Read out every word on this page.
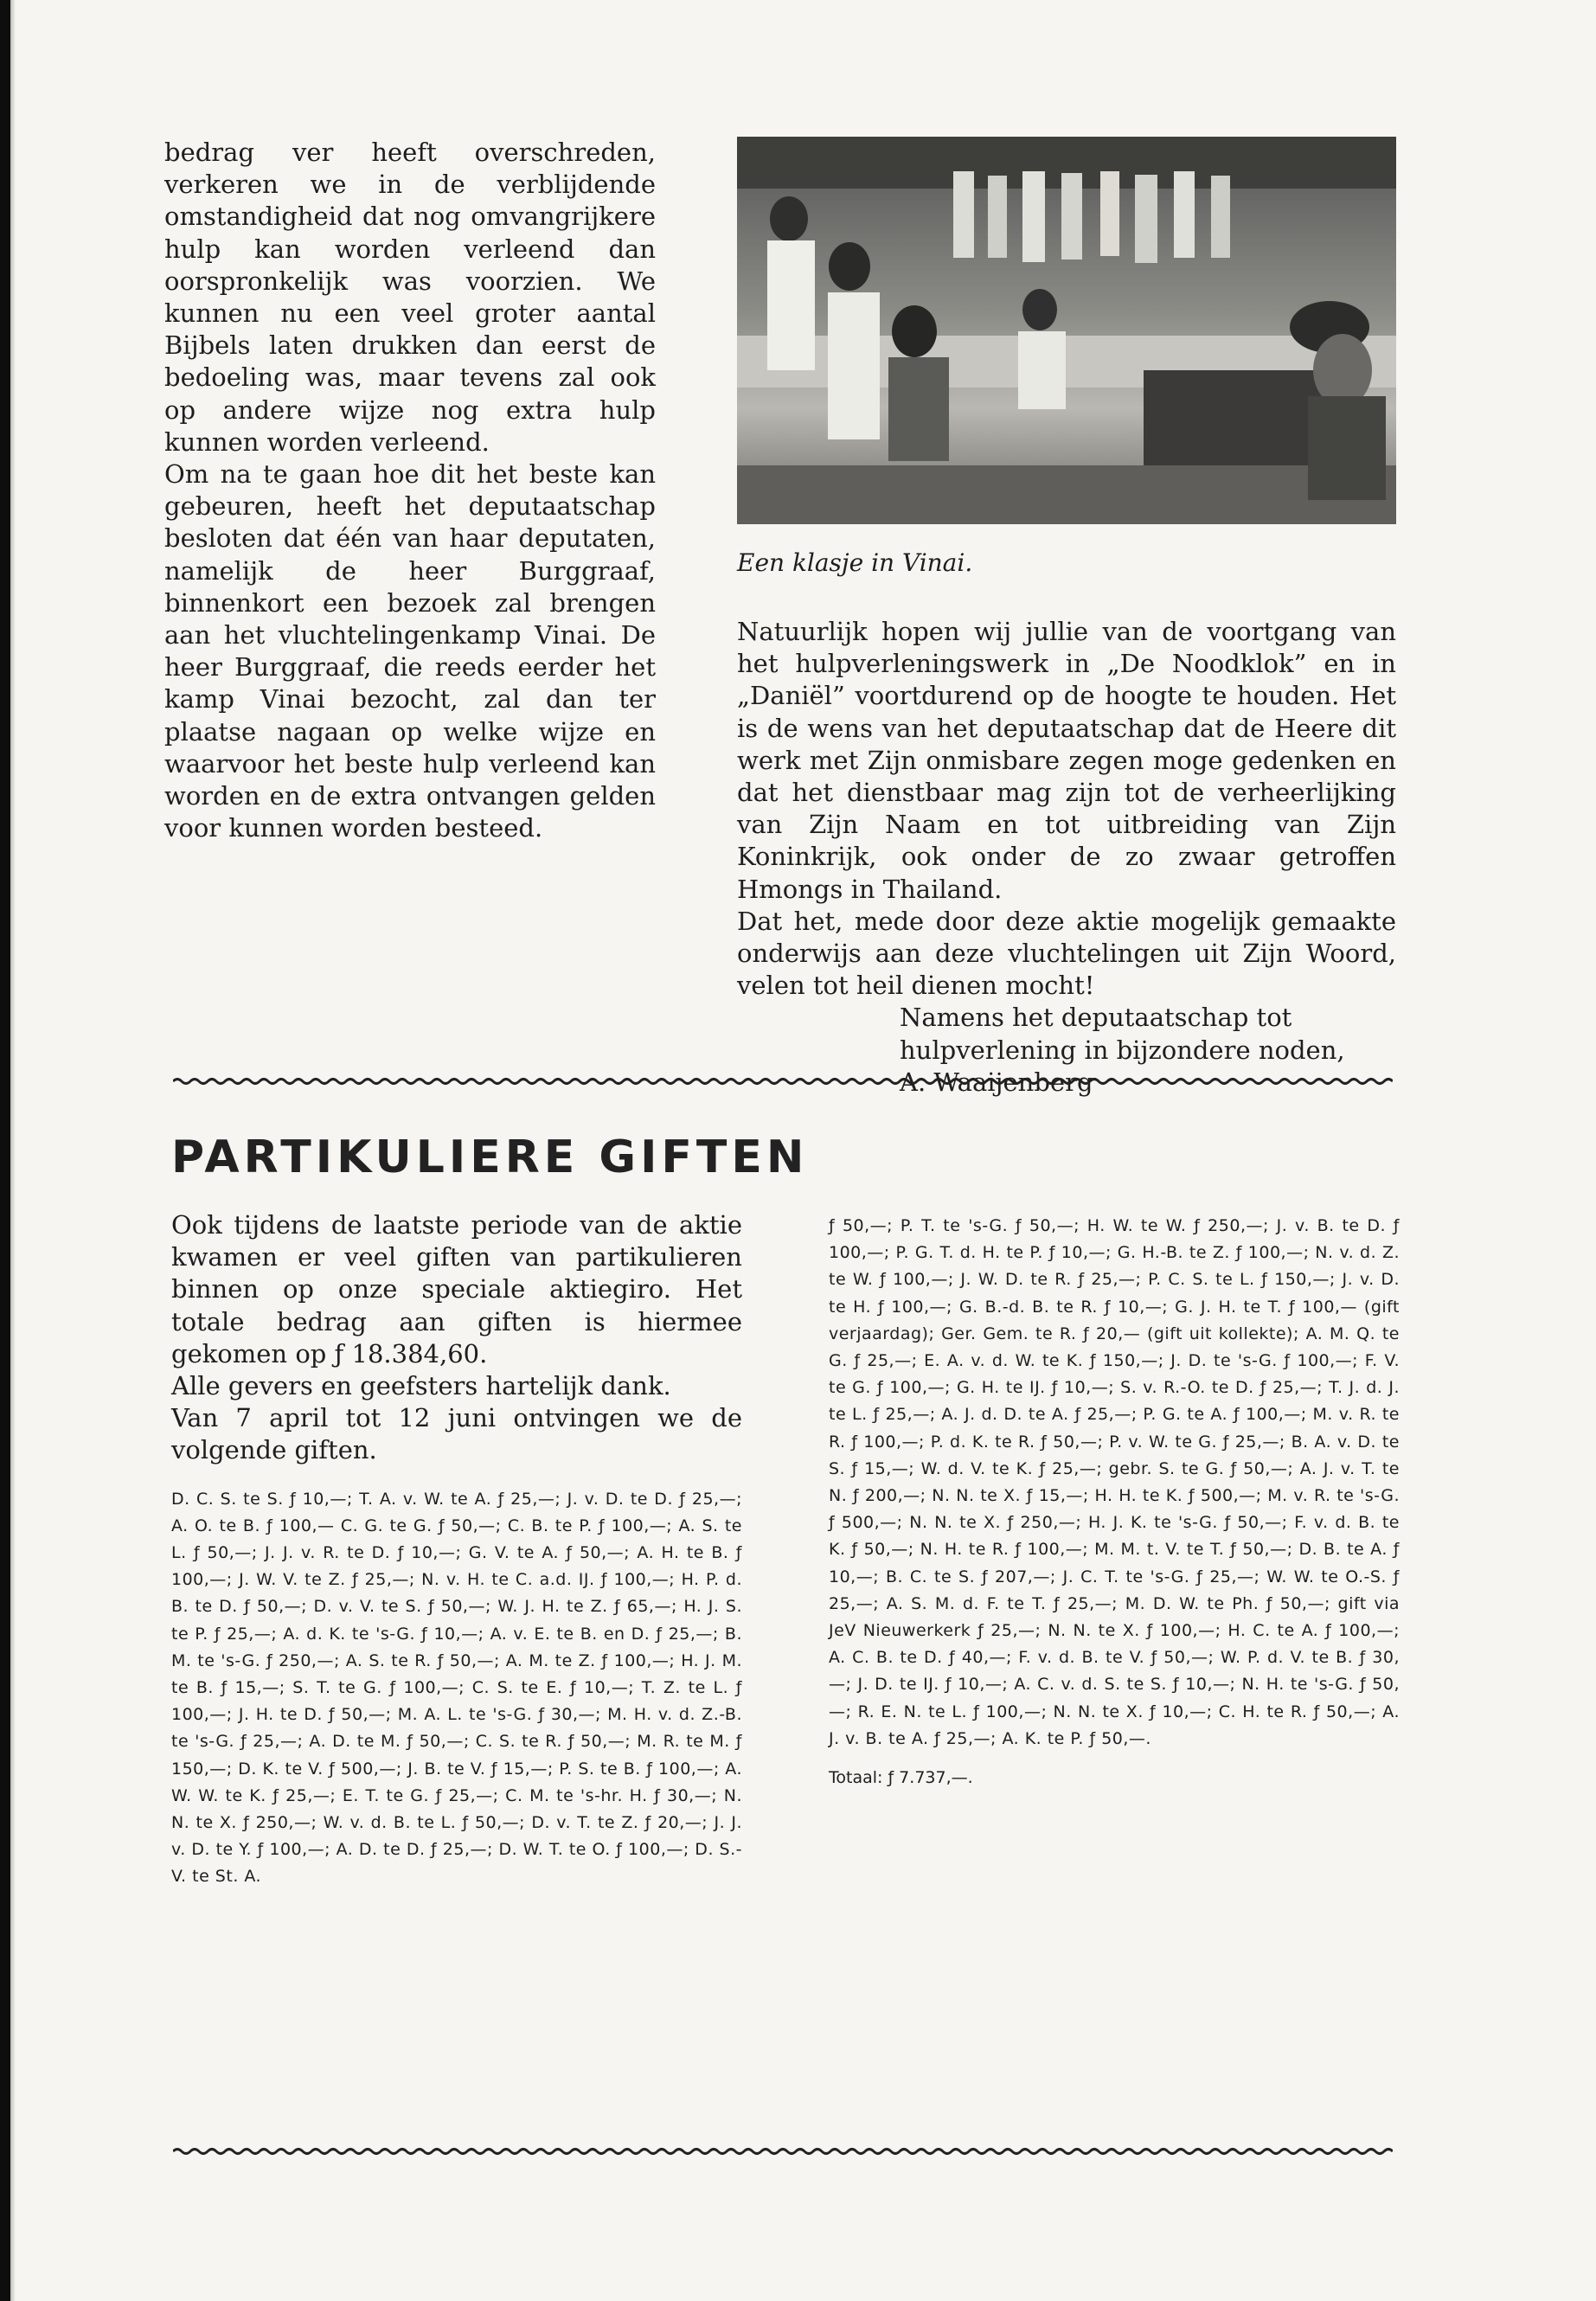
bedrag ver heeft overschreden, verkeren we in de verblijdende omstandigheid dat nog omvangrijkere hulp kan worden verleend dan oorspronkelijk was voorzien. We kunnen nu een veel groter aantal Bijbels laten drukken dan eerst de bedoeling was, maar tevens zal ook op andere wijze nog extra hulp kunnen worden verleend.

Om na te gaan hoe dit het beste kan gebeuren, heeft het deputaatschap besloten dat één van haar deputaten, namelijk de heer Burggraaf, binnenkort een bezoek zal brengen aan het vluchtelingenkamp Vinai. De heer Burggraaf, die reeds eerder het kamp Vinai bezocht, zal dan ter plaatse nagaan op welke wijze en waarvoor het beste hulp verleend kan worden en de extra ontvangen gelden voor kunnen worden besteed.

Een klasje in Vinai.

Natuurlijk hopen wij jullie van de voortgang van het hulpverleningswerk in „De Noodklok” en in „Daniël” voortdurend op de hoogte te houden. Het is de wens van het deputaatschap dat de Heere dit werk met Zijn onmisbare zegen moge gedenken en dat het dienstbaar mag zijn tot de verheerlijking van Zijn Naam en tot uitbreiding van Zijn Koninkrijk, ook onder de zo zwaar getroffen Hmongs in Thailand.

Dat het, mede door deze aktie mogelijk gemaakte onderwijs aan deze vluchtelingen uit Zijn Woord, velen tot heil dienen mocht!

Namens het deputaatschap tot

hulpverlening in bijzondere noden,

A. Waaijenberg

PARTIKULIERE GIFTEN

Ook tijdens de laatste periode van de aktie kwamen er veel giften van partikulieren binnen op onze speciale aktiegiro. Het totale bedrag aan giften is hiermee gekomen op ƒ 18.384,60.

Alle gevers en geefsters hartelijk dank.

Van 7 april tot 12 juni ontvingen we de volgende giften.

D. C. S. te S. ƒ 10,—; T. A. v. W. te A. ƒ 25,—; J. v. D. te D. ƒ 25,—; A. O. te B. ƒ 100,— C. G. te G. ƒ 50,—; C. B. te P. ƒ 100,—; A. S. te L. ƒ 50,—; J. J. v. R. te D. ƒ 10,—; G. V. te A. ƒ 50,—; A. H. te B. ƒ 100,—; J. W. V. te Z. ƒ 25,—; N. v. H. te C. a.d. IJ. ƒ 100,—; H. P. d. B. te D. ƒ 50,—; D. v. V. te S. ƒ 50,—; W. J. H. te Z. ƒ 65,—; H. J. S. te P. ƒ 25,—; A. d. K. te 's-G. ƒ 10,—; A. v. E. te B. en D. ƒ 25,—; B. M. te 's-G. ƒ 250,—; A. S. te R. ƒ 50,—; A. M. te Z. ƒ 100,—; H. J. M. te B. ƒ 15,—; S. T. te G. ƒ 100,—; C. S. te E. ƒ 10,—; T. Z. te L. ƒ 100,—; J. H. te D. ƒ 50,—; M. A. L. te 's-G. ƒ 30,—; M. H. v. d. Z.-B. te 's-G. ƒ 25,—; A. D. te M. ƒ 50,—; C. S. te R. ƒ 50,—; M. R. te M. ƒ 150,—; D. K. te V. ƒ 500,—; J. B. te V. ƒ 15,—; P. S. te B. ƒ 100,—; A. W. W. te K. ƒ 25,—; E. T. te G. ƒ 25,—; C. M. te 's-hr. H. ƒ 30,—; N. N. te X. ƒ 250,—; W. v. d. B. te L. ƒ 50,—; D. v. T. te Z. ƒ 20,—; J. J. v. D. te Y. ƒ 100,—; A. D. te D. ƒ 25,—; D. W. T. te O. ƒ 100,—; D. S.-V. te St. A.

ƒ 50,—; P. T. te 's-G. ƒ 50,—; H. W. te W. ƒ 250,—; J. v. B. te D. ƒ 100,—; P. G. T. d. H. te P. ƒ 10,—; G. H.-B. te Z. ƒ 100,—; N. v. d. Z. te W. ƒ 100,—; J. W. D. te R. ƒ 25,—; P. C. S. te L. ƒ 150,—; J. v. D. te H. ƒ 100,—; G. B.-d. B. te R. ƒ 10,—; G. J. H. te T. ƒ 100,— (gift verjaardag); Ger. Gem. te R. ƒ 20,— (gift uit kollekte); A. M. Q. te G. ƒ 25,—; E. A. v. d. W. te K. ƒ 150,—; J. D. te 's-G. ƒ 100,—; F. V. te G. ƒ 100,—; G. H. te IJ. ƒ 10,—; S. v. R.-O. te D. ƒ 25,—; T. J. d. J. te L. ƒ 25,—; A. J. d. D. te A. ƒ 25,—; P. G. te A. ƒ 100,—; M. v. R. te R. ƒ 100,—; P. d. K. te R. ƒ 50,—; P. v. W. te G. ƒ 25,—; B. A. v. D. te S. ƒ 15,—; W. d. V. te K. ƒ 25,—; gebr. S. te G. ƒ 50,—; A. J. v. T. te N. ƒ 200,—; N. N. te X. ƒ 15,—; H. H. te K. ƒ 500,—; M. v. R. te 's-G. ƒ 500,—; N. N. te X. ƒ 250,—; H. J. K. te 's-G. ƒ 50,—; F. v. d. B. te K. ƒ 50,—; N. H. te R. ƒ 100,—; M. M. t. V. te T. ƒ 50,—; D. B. te A. ƒ 10,—; B. C. te S. ƒ 207,—; J. C. T. te 's-G. ƒ 25,—; W. W. te O.-S. ƒ 25,—; A. S. M. d. F. te T. ƒ 25,—; M. D. W. te Ph. ƒ 50,—; gift via JeV Nieuwerkerk ƒ 25,—; N. N. te X. ƒ 100,—; H. C. te A. ƒ 100,—; A. C. B. te D. ƒ 40,—; F. v. d. B. te V. ƒ 50,—; W. P. d. V. te B. ƒ 30,—; J. D. te IJ. ƒ 10,—; A. C. v. d. S. te S. ƒ 10,—; N. H. te 's-G. ƒ 50,—; R. E. N. te L. ƒ 100,—; N. N. te X. ƒ 10,—; C. H. te R. ƒ 50,—; A. J. v. B. te A. ƒ 25,—; A. K. te P. ƒ 50,—.

Totaal: ƒ 7.737,—.
